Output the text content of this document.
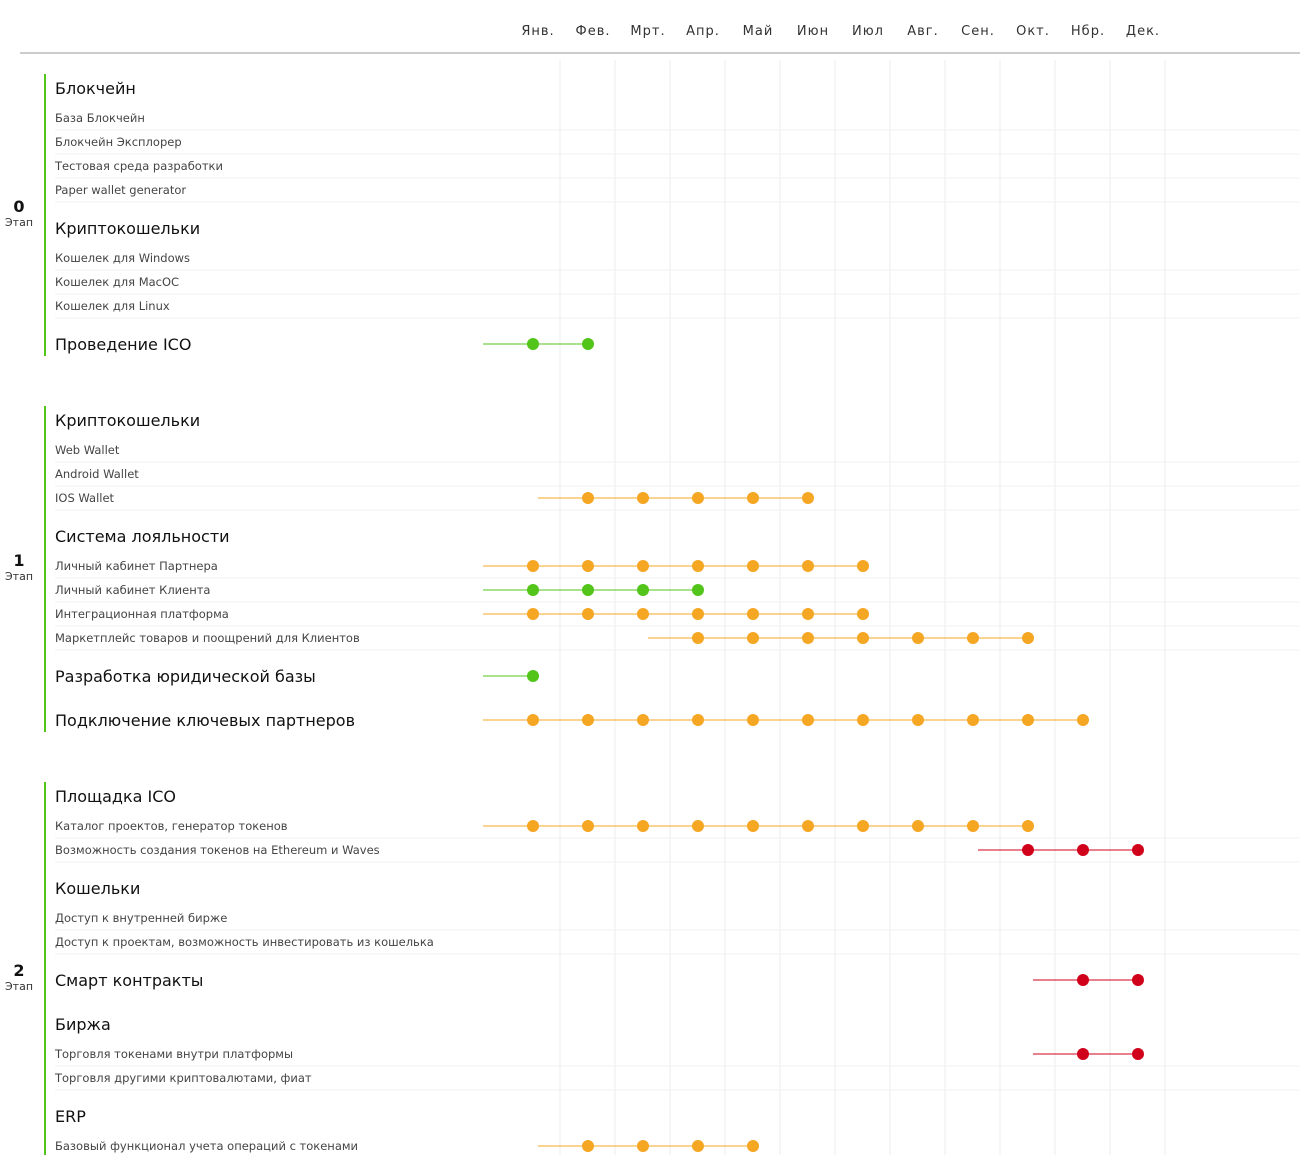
Янв. Фев. Мрт. Апр. Май Июн Июл Авг. Сен. Окт. Нбр. Дек.
Блокчейн
База Блокчейн
Блокчейн Эксплорер
Тестовая среда разработки
Paper wallet generator
Криптокошельки
Кошелек для Windows
Кошелек для MacOC
Кошелек для Linux
Проведение ICO
0
Этап
Криптокошельки
Web Wallet
Android Wallet
IOS Wallet
Система лояльности
Личный кабинет Партнера
Личный кабинет Клиента
Интеграционная платформа
Маркетплейс товаров и поощрений для Клиентов
Разработка юридической базы
Подключение ключевых партнеров
1
Этап
Площадка ICO
Каталог проектов, генератор токенов
Возможность создания токенов на Ethereum и Waves
Кошельки
Доступ к внутренней бирже
Доступ к проектам, возможность инвестировать из кошелька
Смарт контракты
Биржа
Торговля токенами внутри платформы
Торговля другими криптовалютами, фиат
ERP
Базовый функционал учета операций с токенами
2
Этап
